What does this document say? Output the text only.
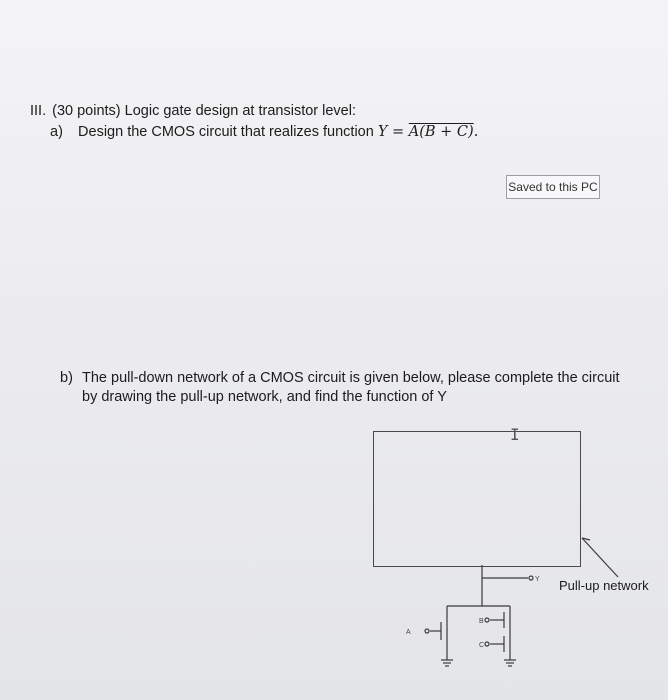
III. (30 points) Logic gate design at transistor level:
a) Design the CMOS circuit that realizes function Y = A(B + C).
Saved to this PC
b) The pull-down network of a CMOS circuit is given below, please complete the circuit
by drawing the pull-up network, and find the function of Y
I
A
B
C
Y Pull-up network
